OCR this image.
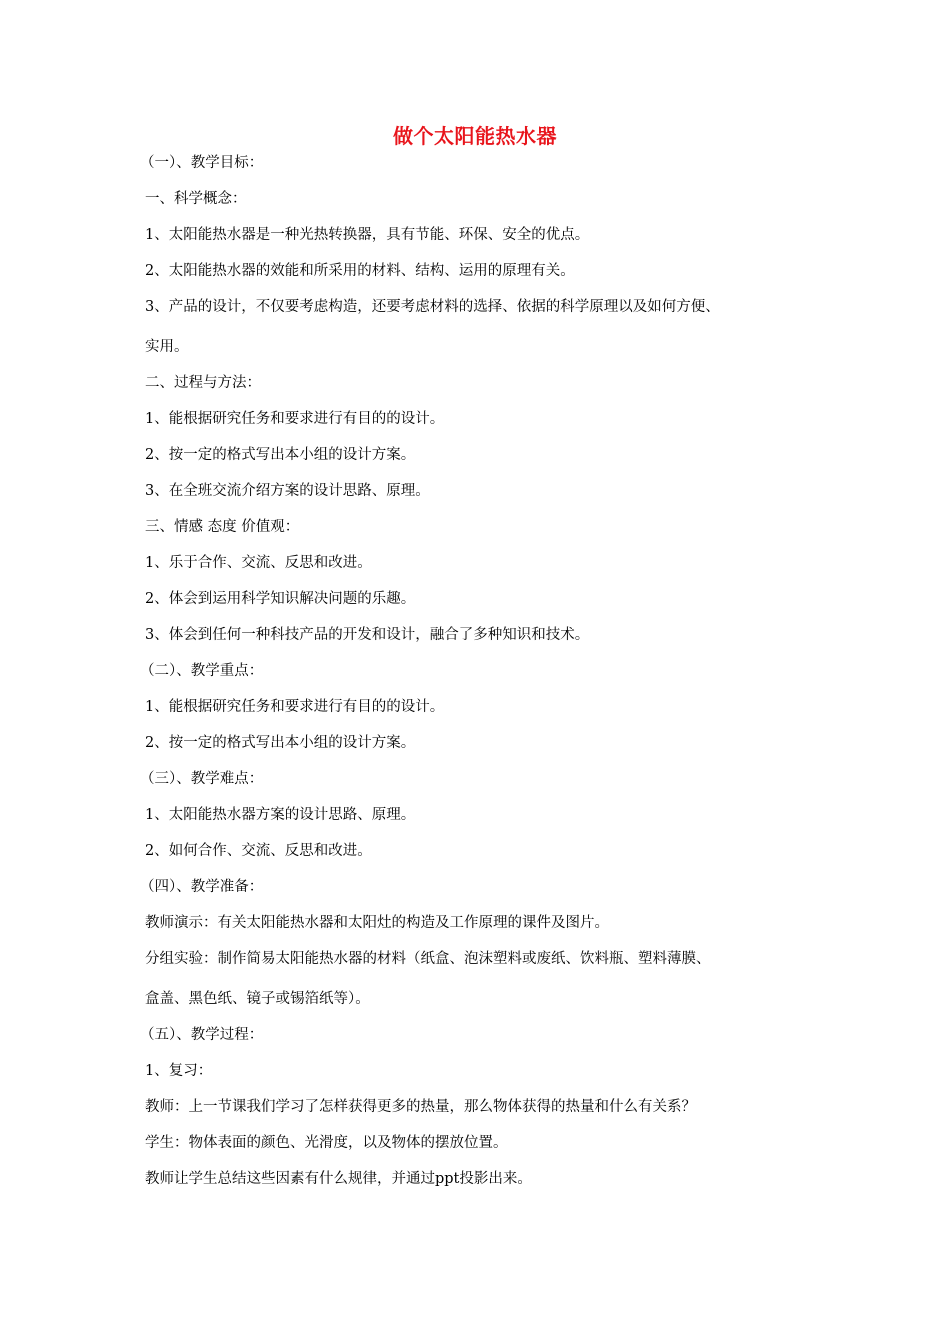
做个太阳能热水器
（一）、教学目标：
一、科学概念：
1、太阳能热水器是一种光热转换器，具有节能、环保、安全的优点。
2、太阳能热水器的效能和所采用的材料、结构、运用的原理有关。
3、产品的设计，不仅要考虑构造，还要考虑材料的选择、依据的科学原理以及如何方便、
实用。
二、过程与方法：
1、能根据研究任务和要求进行有目的的设计。
2、按一定的格式写出本小组的设计方案。
3、在全班交流介绍方案的设计思路、原理。
三、情感 态度 价值观：
1、乐于合作、交流、反思和改进。
2、体会到运用科学知识解决问题的乐趣。
3、体会到任何一种科技产品的开发和设计，融合了多种知识和技术。
（二）、教学重点：
1、能根据研究任务和要求进行有目的的设计。
2、按一定的格式写出本小组的设计方案。
（三）、教学难点：
1、太阳能热水器方案的设计思路、原理。
2、如何合作、交流、反思和改进。
（四）、教学准备：
教师演示：有关太阳能热水器和太阳灶的构造及工作原理的课件及图片。
分组实验：制作简易太阳能热水器的材料（纸盒、泡沫塑料或废纸、饮料瓶、塑料薄膜、
盒盖、黑色纸、镜子或锡箔纸等）。
（五）、教学过程：
1、复习：
教师：上一节课我们学习了怎样获得更多的热量，那么物体获得的热量和什么有关系？
学生：物体表面的颜色、光滑度，以及物体的摆放位置。
教师让学生总结这些因素有什么规律，并通过ppt投影出来。
